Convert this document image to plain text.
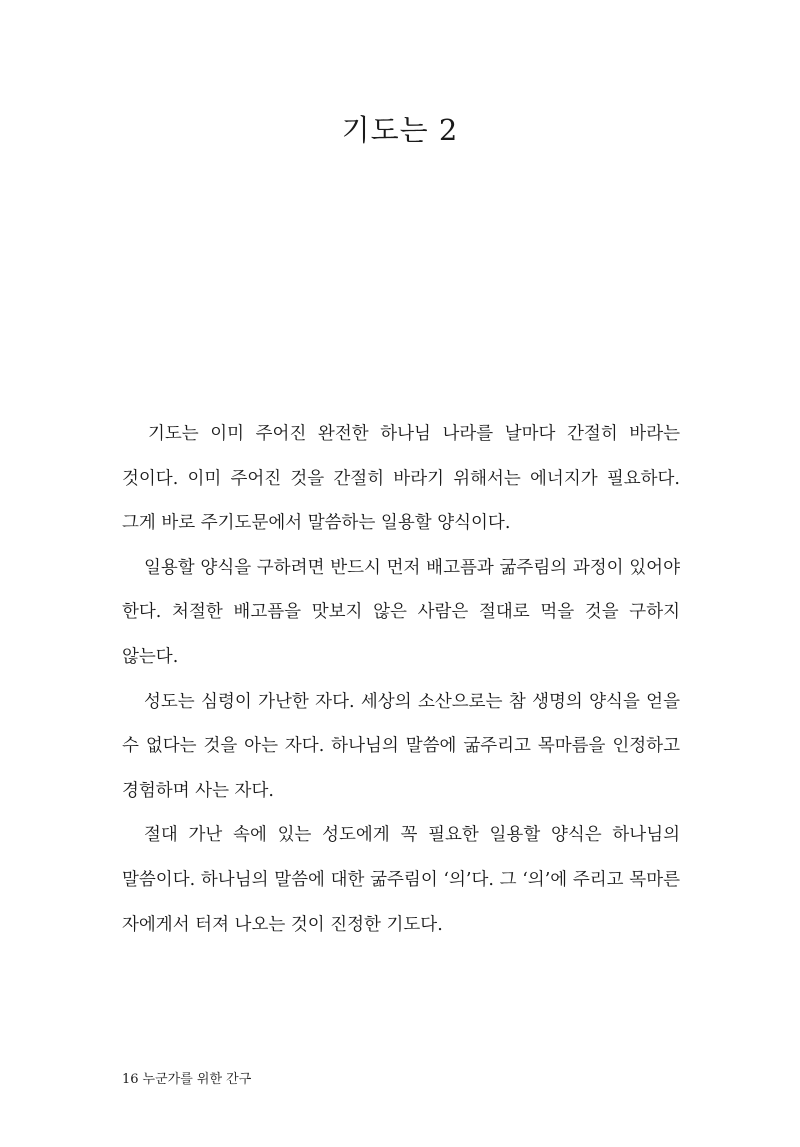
기도는 2

기도는 이미 주어진 완전한 하나님 나라를 날마다 간절히 바라는 것이다. 이미 주어진 것을 간절히 바라기 위해서는 에너지가 필요하다. 그게 바로 주기도문에서 말씀하는 일용할 양식이다.

일용할 양식을 구하려면 반드시 먼저 배고픔과 굶주림의 과정이 있어야 한다. 처절한 배고픔을 맛보지 않은 사람은 절대로 먹을 것을 구하지 않는다.

성도는 심령이 가난한 자다. 세상의 소산으로는 참 생명의 양식을 얻을 수 없다는 것을 아는 자다. 하나님의 말씀에 굶주리고 목마름을 인정하고 경험하며 사는 자다.

절대 가난 속에 있는 성도에게 꼭 필요한 일용할 양식은 하나님의 말씀이다. 하나님의 말씀에 대한 굶주림이 ‘의’다. 그 ‘의’에 주리고 목마른 자에게서 터져 나오는 것이 진정한 기도다.

16 누군가를 위한 간구
